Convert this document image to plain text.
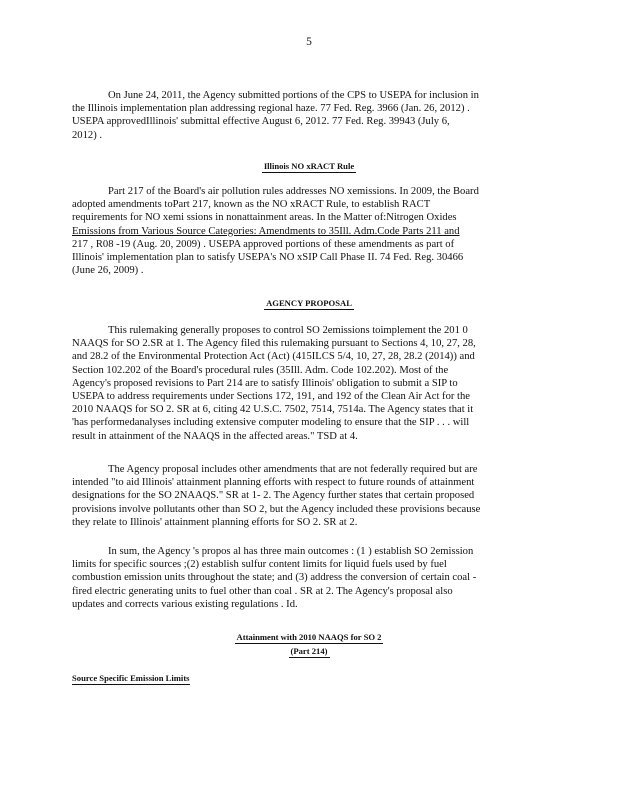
5
On June 24, 2011, the Agency submitted portions of the CPS to USEPA for inclusion in
the Illinois implementation plan addressing regional haze. 77 Fed. Reg. 3966 (Jan. 26, 2012) .
USEPA approvedIllinois' submittal effective August 6, 2012. 77 Fed. Reg. 39943 (July 6,
2012) .
Illinois NO xRACT Rule
Part 217 of the Board's air pollution rules addresses NO xemissions. In 2009, the Board
adopted amendments toPart 217, known as the NO xRACT Rule, to establish RACT
requirements for NO xemi ssions in nonattainment areas. In the Matter of:Nitrogen Oxides
Emissions from Various Source Categories: Amendments to 35Ill. Adm.Code Parts 211 and
217 , R08 -19 (Aug. 20, 2009) . USEPA approved portions of these amendments as part of
Illinois' implementation plan to satisfy USEPA's NO xSIP Call Phase II. 74 Fed. Reg. 30466
(June 26, 2009) .
AGENCY PROPOSAL
This rulemaking generally proposes to control SO 2emissions toimplement the 201 0
NAAQS for SO 2.SR at 1. The Agency filed this rulemaking pursuant to Sections 4, 10, 27, 28,
and 28.2 of the Environmental Protection Act (Act) (415ILCS 5/4, 10, 27, 28, 28.2 (2014)) and
Section 102.202 of the Board's procedural rules (35Ill. Adm. Code 102.202). Most of the
Agency's proposed revisions to Part 214 are to satisfy Illinois' obligation to submit a SIP to
USEPA to address requirements under Sections 172, 191, and 192 of the Clean Air Act for the
2010 NAAQS for SO 2. SR at 6, citing 42 U.S.C. 7502, 7514, 7514a. The Agency states that it
'has performedanalyses including extensive computer modeling to ensure that the SIP . . . will
result in attainment of the NAAQS in the affected areas." TSD at 4.
The Agency proposal includes other amendments that are not federally required but are
intended "to aid Illinois' attainment planning efforts with respect to future rounds of attainment
designations for the SO 2NAAQS." SR at 1- 2. The Agency further states that certain proposed
provisions involve pollutants other than SO 2, but the Agency included these provisions because
they relate to Illinois' attainment planning efforts for SO 2. SR at 2.
In sum, the Agency 's propos al has three main outcomes : (1 ) establish SO 2emission
limits for specific sources ;(2) establish sulfur content limits for liquid fuels used by fuel
combustion emission units throughout the state; and (3) address the conversion of certain coal -
fired electric generating units to fuel other than coal . SR at 2. The Agency's proposal also
updates and corrects various existing regulations . Id.
Attainment with 2010 NAAQS for SO 2
(Part 214)
Source Specific Emission Limits
